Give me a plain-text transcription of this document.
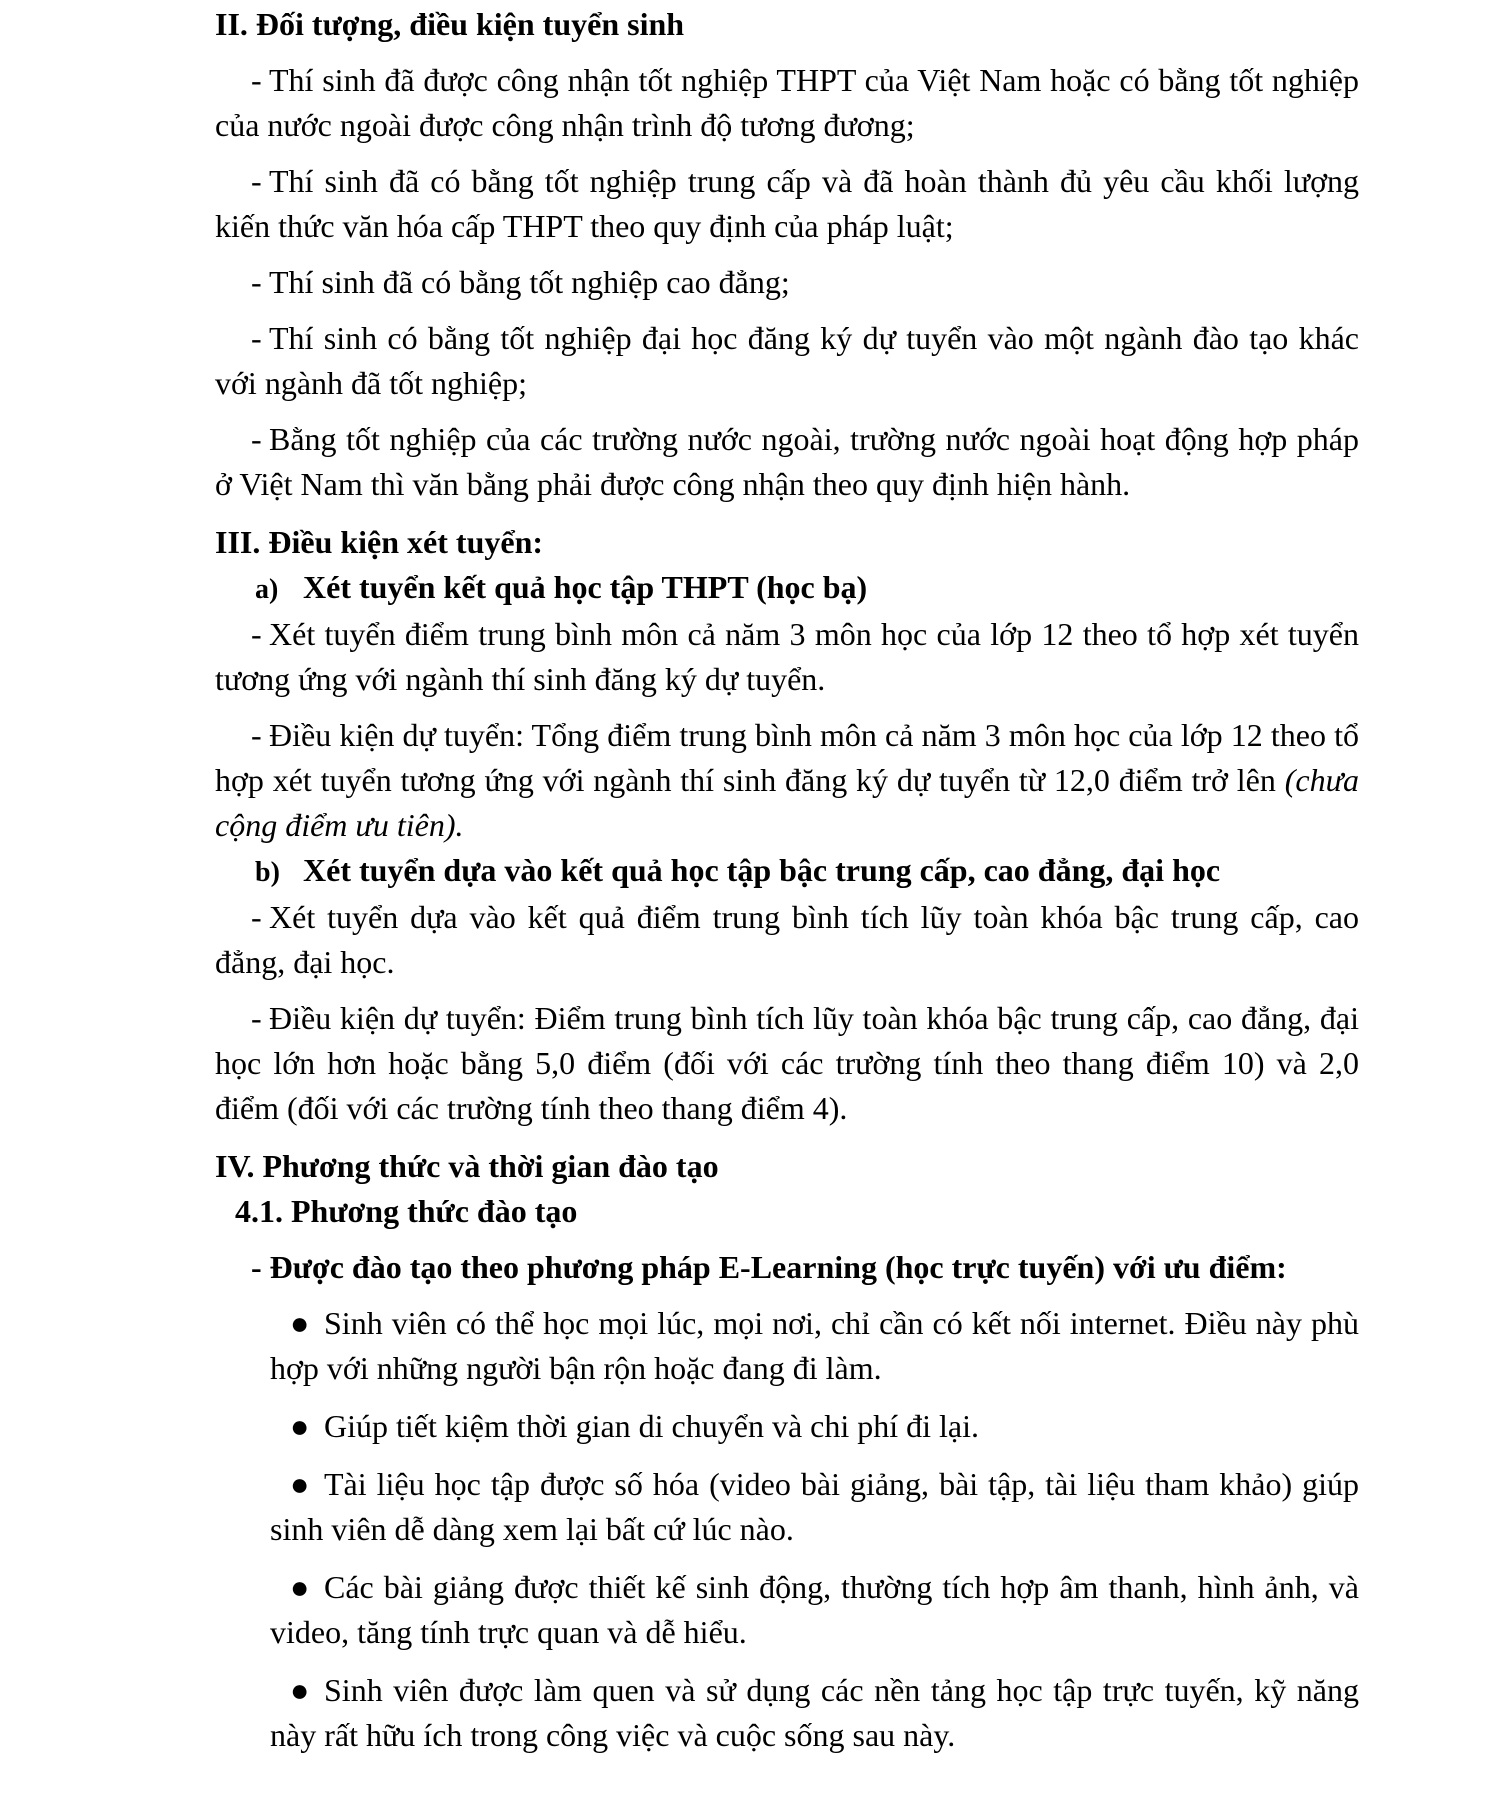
II. Đối tượng, điều kiện tuyển sinh

- Thí sinh đã được công nhận tốt nghiệp THPT của Việt Nam hoặc có bằng tốt nghiệp của nước ngoài được công nhận trình độ tương đương;

- Thí sinh đã có bằng tốt nghiệp trung cấp và đã hoàn thành đủ yêu cầu khối lượng kiến thức văn hóa cấp THPT theo quy định của pháp luật;

- Thí sinh đã có bằng tốt nghiệp cao đẳng;

- Thí sinh có bằng tốt nghiệp đại học đăng ký dự tuyển vào một ngành đào tạo khác với ngành đã tốt nghiệp;

- Bằng tốt nghiệp của các trường nước ngoài, trường nước ngoài hoạt động hợp pháp ở Việt Nam thì văn bằng phải được công nhận theo quy định hiện hành.

III. Điều kiện xét tuyển:
a) Xét tuyển kết quả học tập THPT (học bạ)

- Xét tuyển điểm trung bình môn cả năm 3 môn học của lớp 12 theo tổ hợp xét tuyển tương ứng với ngành thí sinh đăng ký dự tuyển.

- Điều kiện dự tuyển: Tổng điểm trung bình môn cả năm 3 môn học của lớp 12 theo tổ hợp xét tuyển tương ứng với ngành thí sinh đăng ký dự tuyển từ 12,0 điểm trở lên (chưa cộng điểm ưu tiên).

b) Xét tuyển dựa vào kết quả học tập bậc trung cấp, cao đẳng, đại học

- Xét tuyển dựa vào kết quả điểm trung bình tích lũy toàn khóa bậc trung cấp, cao đẳng, đại học.

- Điều kiện dự tuyển: Điểm trung bình tích lũy toàn khóa bậc trung cấp, cao đẳng, đại học lớn hơn hoặc bằng 5,0 điểm (đối với các trường tính theo thang điểm 10) và 2,0 điểm (đối với các trường tính theo thang điểm 4).

IV. Phương thức và thời gian đào tạo
4.1. Phương thức đào tạo
- Được đào tạo theo phương pháp E-Learning (học trực tuyến) với ưu điểm:
● Sinh viên có thể học mọi lúc, mọi nơi, chỉ cần có kết nối internet. Điều này phù hợp với những người bận rộn hoặc đang đi làm.
● Giúp tiết kiệm thời gian di chuyển và chi phí đi lại.
● Tài liệu học tập được số hóa (video bài giảng, bài tập, tài liệu tham khảo) giúp sinh viên dễ dàng xem lại bất cứ lúc nào.
● Các bài giảng được thiết kế sinh động, thường tích hợp âm thanh, hình ảnh, và video, tăng tính trực quan và dễ hiểu.
● Sinh viên được làm quen và sử dụng các nền tảng học tập trực tuyến, kỹ năng này rất hữu ích trong công việc và cuộc sống sau này.
